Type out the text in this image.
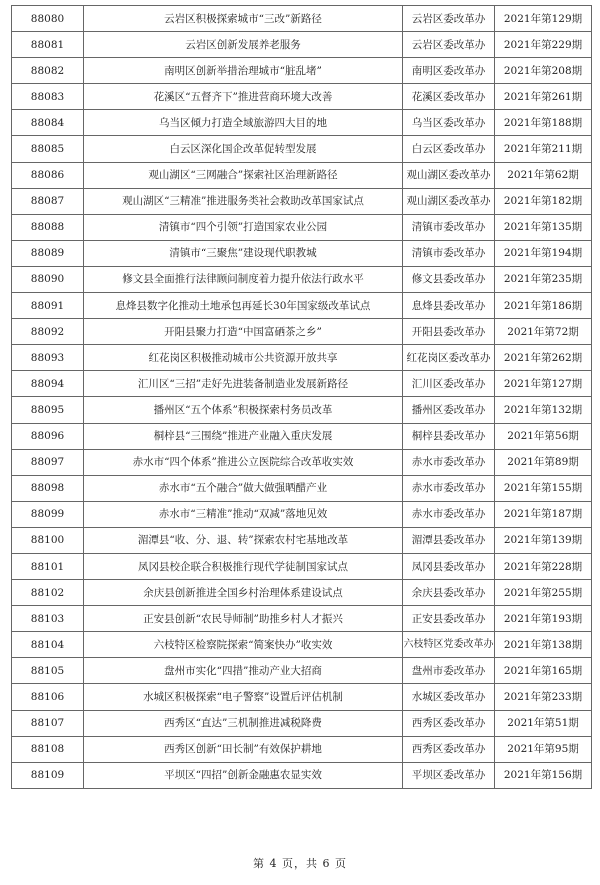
88080	云岩区积极探索城市“三改”新路径	云岩区委改革办	2021年第129期
88081	云岩区创新发展养老服务	云岩区委改革办	2021年第229期
88082	南明区创新举措治理城市“脏乱堵”	南明区委改革办	2021年第208期
88083	花溪区“五督齐下”推进营商环境大改善	花溪区委改革办	2021年第261期
88084	乌当区倾力打造全域旅游四大目的地	乌当区委改革办	2021年第188期
88085	白云区深化国企改革促转型发展	白云区委改革办	2021年第211期
88086	观山湖区“三网融合”探索社区治理新路径	观山湖区委改革办	2021年第62期
88087	观山湖区“三精准”推进服务类社会救助改革国家试点	观山湖区委改革办	2021年第182期
88088	清镇市“四个引领”打造国家农业公园	清镇市委改革办	2021年第135期
88089	清镇市“三聚焦”建设现代职教城	清镇市委改革办	2021年第194期
88090	修文县全面推行法律顾问制度着力提升依法行政水平	修文县委改革办	2021年第235期
88091	息烽县数字化推动土地承包再延长30年国家级改革试点	息烽县委改革办	2021年第186期
88092	开阳县聚力打造“中国富硒茶之乡”	开阳县委改革办	2021年第72期
88093	红花岗区积极推动城市公共资源开放共享	红花岗区委改革办	2021年第262期
88094	汇川区“三招”走好先进装备制造业发展新路径	汇川区委改革办	2021年第127期
88095	播州区“五个体系”积极探索村务员改革	播州区委改革办	2021年第132期
88096	桐梓县“三围绕”推进产业融入重庆发展	桐梓县委改革办	2021年第56期
88097	赤水市“四个体系”推进公立医院综合改革收实效	赤水市委改革办	2021年第89期
88098	赤水市“五个融合”做大做强晒醋产业	赤水市委改革办	2021年第155期
88099	赤水市“三精准”推动“双减”落地见效	赤水市委改革办	2021年第187期
88100	湄潭县“收、分、退、转”探索农村宅基地改革	湄潭县委改革办	2021年第139期
88101	凤冈县校企联合积极推行现代学徒制国家试点	凤冈县委改革办	2021年第228期
88102	余庆县创新推进全国乡村治理体系建设试点	余庆县委改革办	2021年第255期
88103	正安县创新“农民导师制”助推乡村人才振兴	正安县委改革办	2021年第193期
88104	六枝特区检察院探索“简案快办”收实效	六枝特区党委改革办	2021年第138期
88105	盘州市实化“四措”推动产业大招商	盘州市委改革办	2021年第165期
88106	水城区积极探索“电子警察”设置后评估机制	水城区委改革办	2021年第233期
88107	西秀区“直达”三机制推进减税降费	西秀区委改革办	2021年第51期
88108	西秀区创新“田长制”有效保护耕地	西秀区委改革办	2021年第95期
88109	平坝区“四招”创新金融惠农显实效	平坝区委改革办	2021年第156期
第 4 页，共 6 页
